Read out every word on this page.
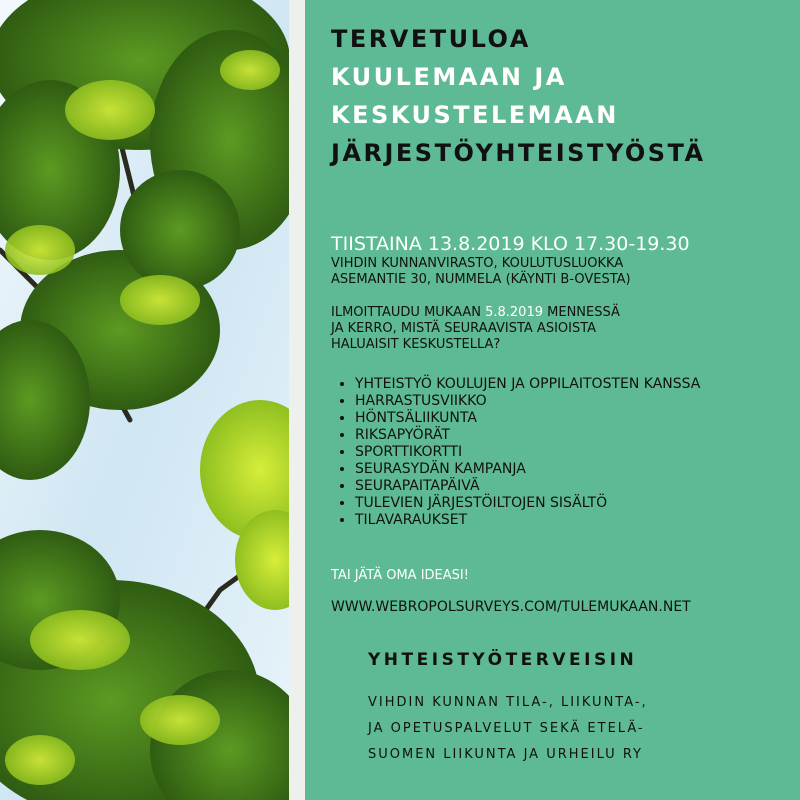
TERVETULOA
KUULEMAAN JA
KESKUSTELEMAAN
JÄRJESTÖYHTEISTYÖSTÄ
TIISTAINA 13.8.2019 KLO 17.30-19.30
VIHDIN KUNNANVIRASTO, KOULUTUSLUOKKA
ASEMANTIE 30, NUMMELA (KÄYNTI B-OVESTA)
ILMOITTAUDU MUKAAN 5.8.2019 MENNESSÄ
JA KERRO, MISTÄ SEURAAVISTA ASIOISTA
HALUAISIT KESKUSTELLA?
• YHTEISTYÖ KOULUJEN JA OPPILAITOSTEN KANSSA
• HARRASTUSVIIKKO
• HÖNTSÄLIIKUNTA
• RIKSAPYÖRÄT
• SPORTTIKORTTI
• SEURASYDÄN KAMPANJA
• SEURAPAITAPÄIVÄ
• TULEVIEN JÄRJESTÖILTOJEN SISÄLTÖ
• TILAVARAUKSET
TAI JÄTÄ OMA IDEASI!
WWW.WEBROPOLSURVEYS.COM/TULEMUKAAN.NET
YHTEISTYÖTERVEISIN
VIHDIN KUNNAN TILA-, LIIKUNTA-,
JA OPETUSPALVELUT SEKÄ ETELÄ-
SUOMEN LIIKUNTA JA URHEILU RY
